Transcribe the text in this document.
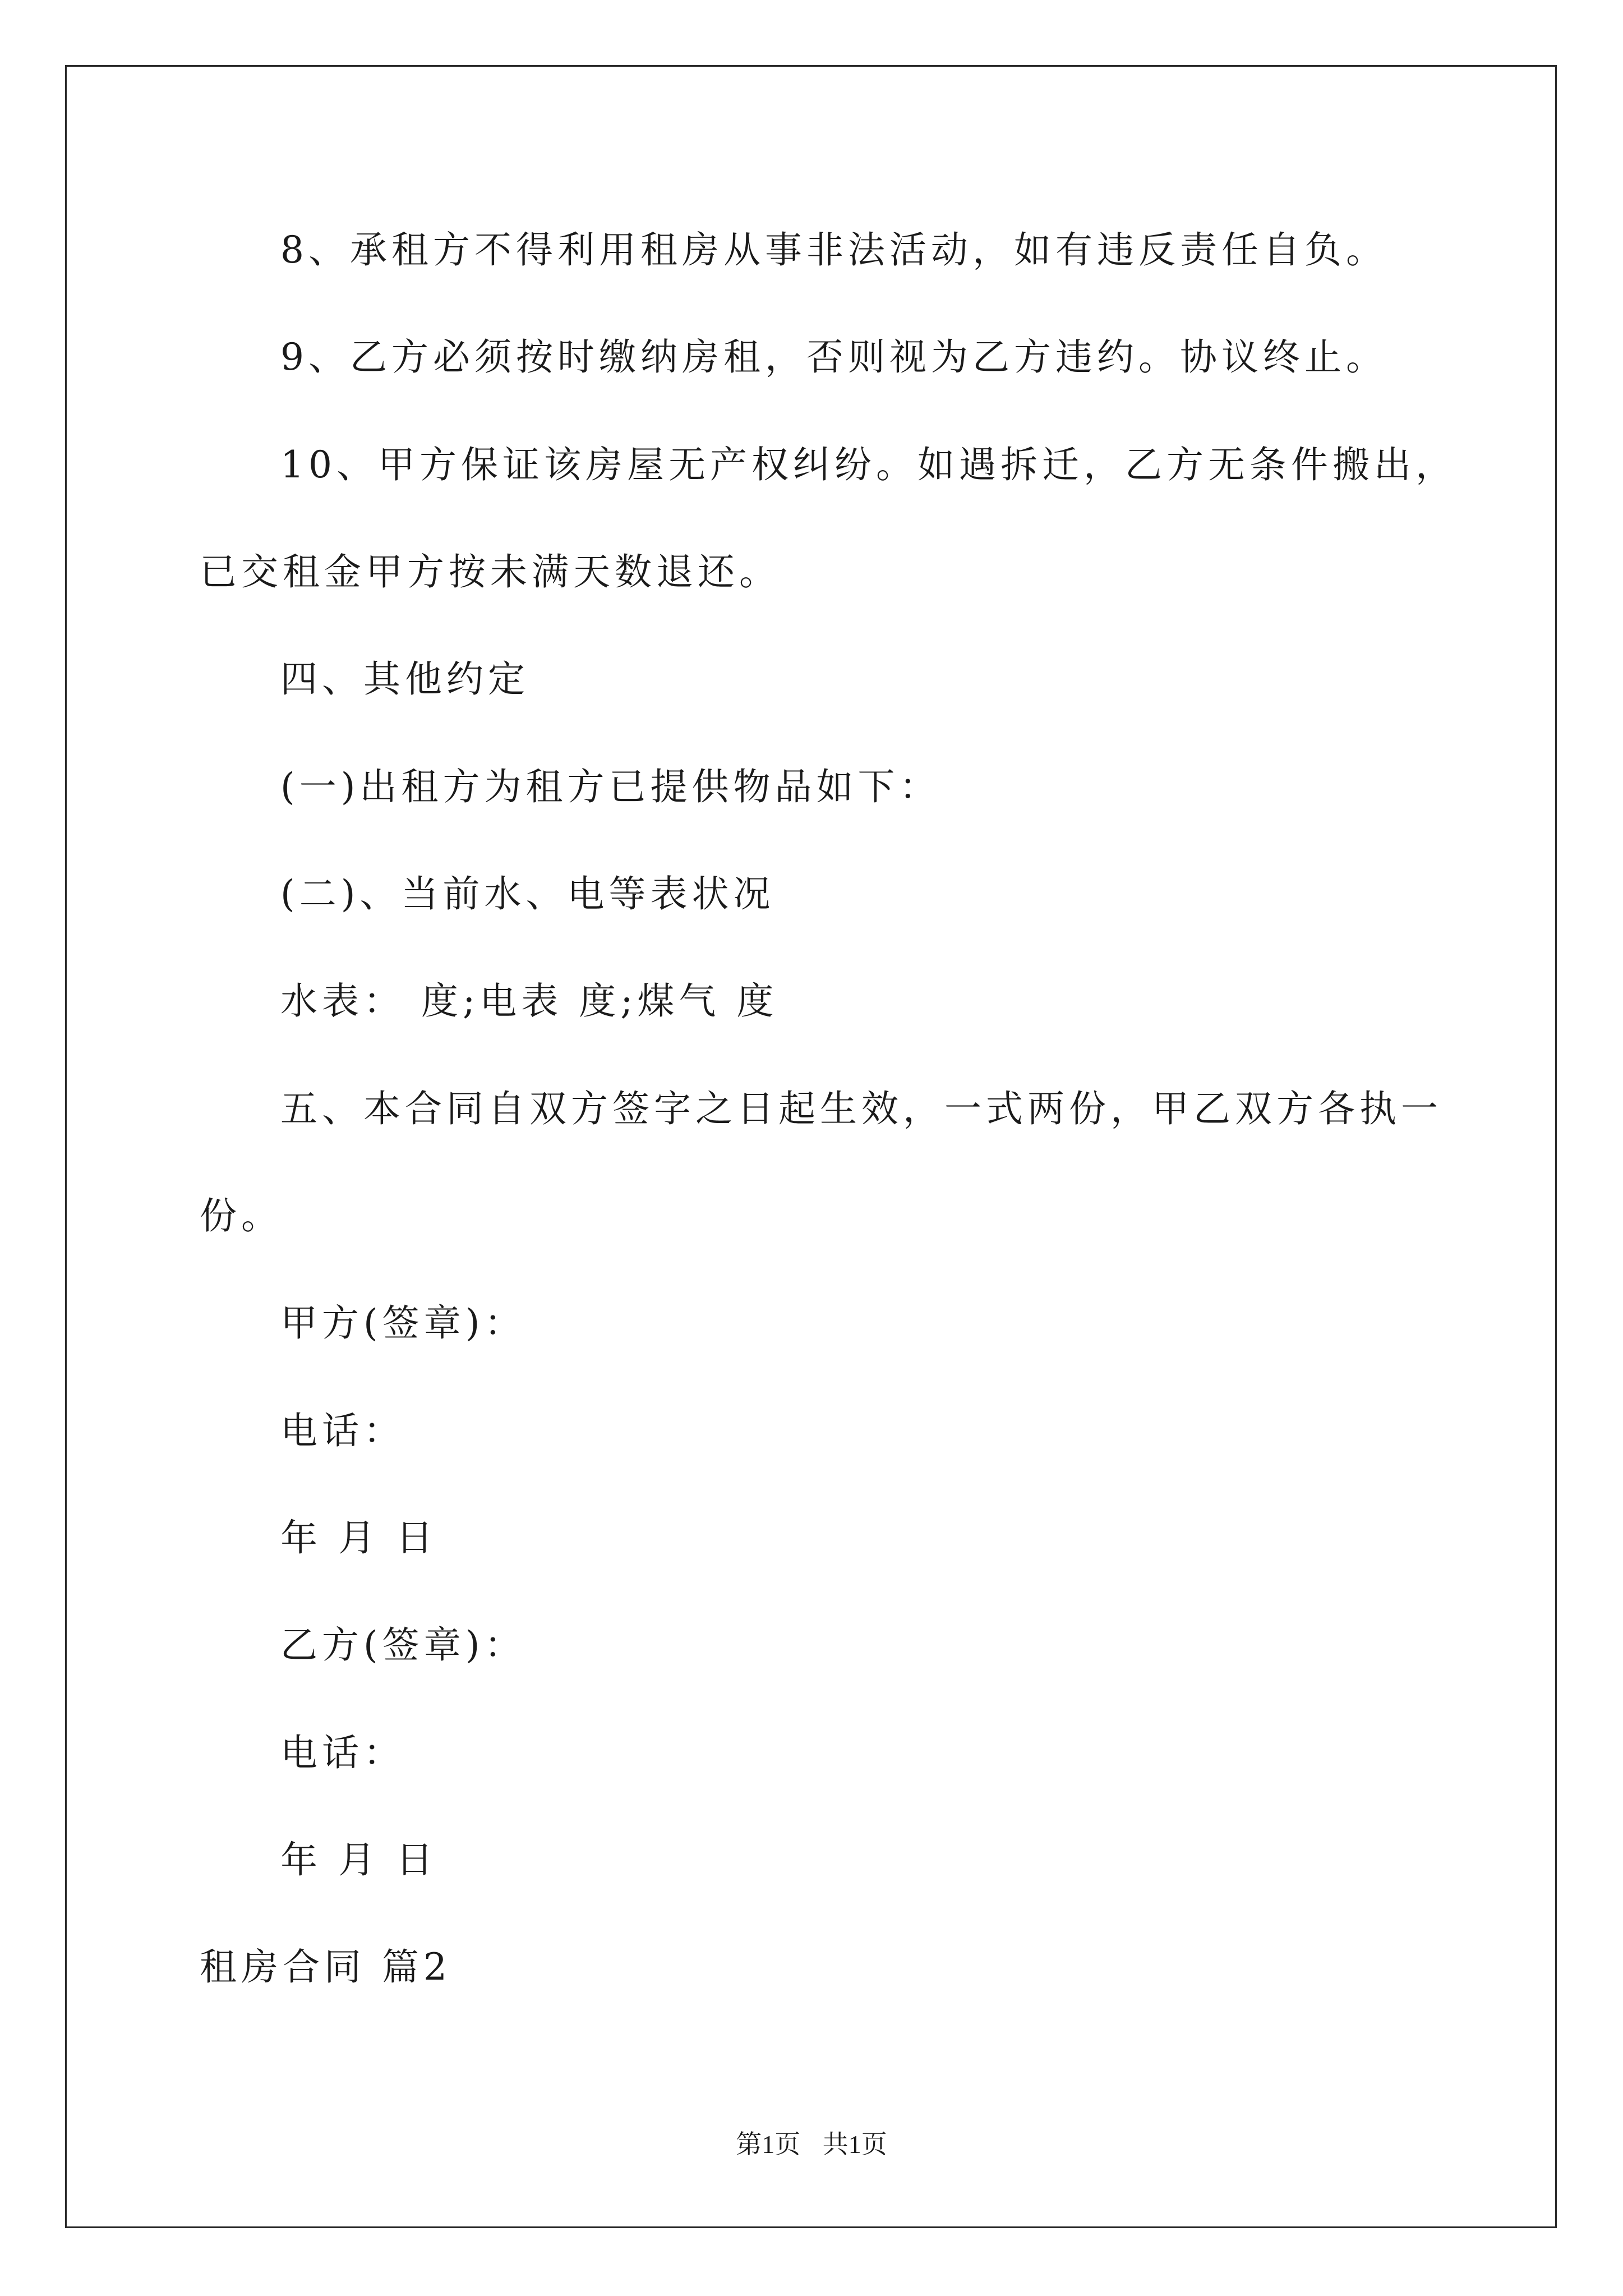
8、承租方不得利用租房从事非法活动，如有违反责任自负。

9、乙方必须按时缴纳房租，否则视为乙方违约。协议终止。

10、甲方保证该房屋无产权纠纷。如遇拆迁，乙方无条件搬出，

已交租金甲方按未满天数退还。

四、其他约定

(一)出租方为租方已提供物品如下：

(二)、当前水、电等表状况

水表： 度;电表 度;煤气 度

五、本合同自双方签字之日起生效，一式两份，甲乙双方各执一

份。

甲方(签章)：

电话：

年 月 日

乙方(签章)：

电话：

年 月 日

租房合同 篇2

第1页 共1页
